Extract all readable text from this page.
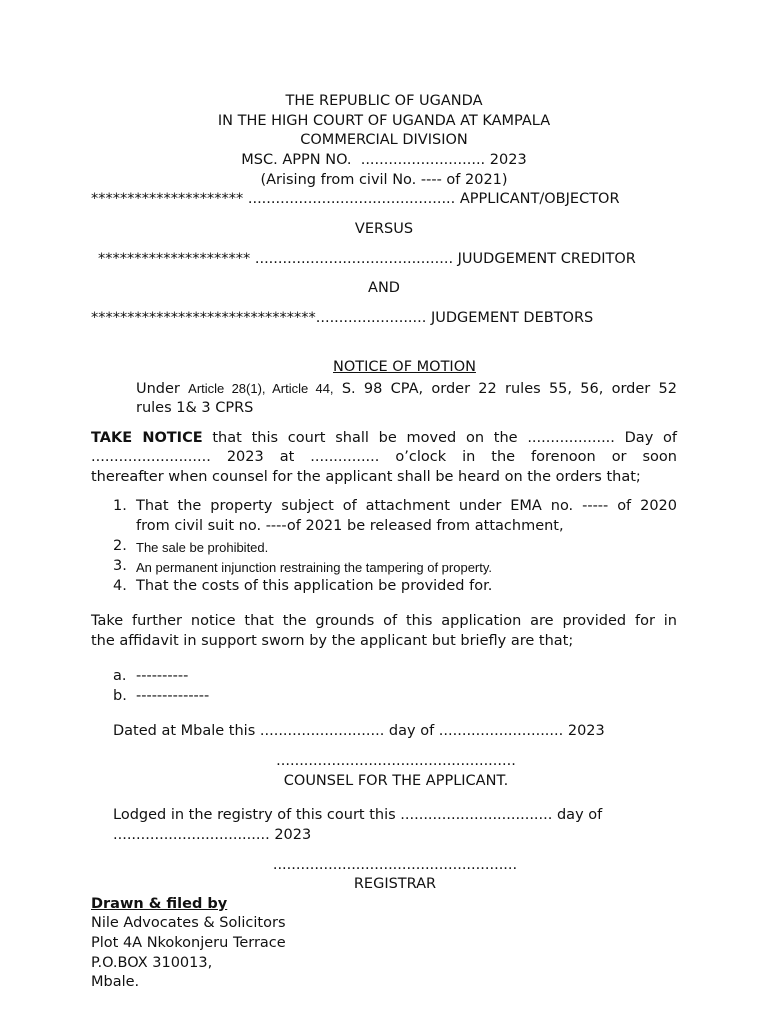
THE REPUBLIC OF UGANDA
IN THE HIGH COURT OF UGANDA AT KAMPALA
COMMERCIAL DIVISION
MSC. APPN NO.  ........................... 2023
(Arising from civil No. ---- of 2021)
********************* ............................................. APPLICANT/OBJECTOR
VERSUS
********************* ........................................... JUUDGEMENT CREDITOR
AND
*******************************........................ JUDGEMENT DEBTORS
NOTICE OF MOTION
Under Article 28(1), Article 44, S. 98 CPA, order 22 rules 55, 56, order 52
rules 1& 3 CPRS
TAKE NOTICE that this court shall be moved on the ................... Day of
.......................... 2023 at ............... o’clock in the forenoon or soon
thereafter when counsel for the applicant shall be heard on the orders that;
1. That the property subject of attachment under EMA no. ----- of 2020
from civil suit no. ----of 2021 be released from attachment,
2. The sale be prohibited.
3. An permanent injunction restraining the tampering of property.
4. That the costs of this application be provided for.
Take further notice that the grounds of this application are provided for in
the affidavit in support sworn by the applicant but briefly are that;
a. ----------
b. --------------
Dated at Mbale this ........................... day of ........................... 2023
....................................................
COUNSEL FOR THE APPLICANT.
Lodged in the registry of this court this ................................. day of
.................................. 2023
.....................................................
REGISTRAR
Drawn & filed by
Nile Advocates & Solicitors
Plot 4A Nkokonjeru Terrace
P.O.BOX 310013,
Mbale.
